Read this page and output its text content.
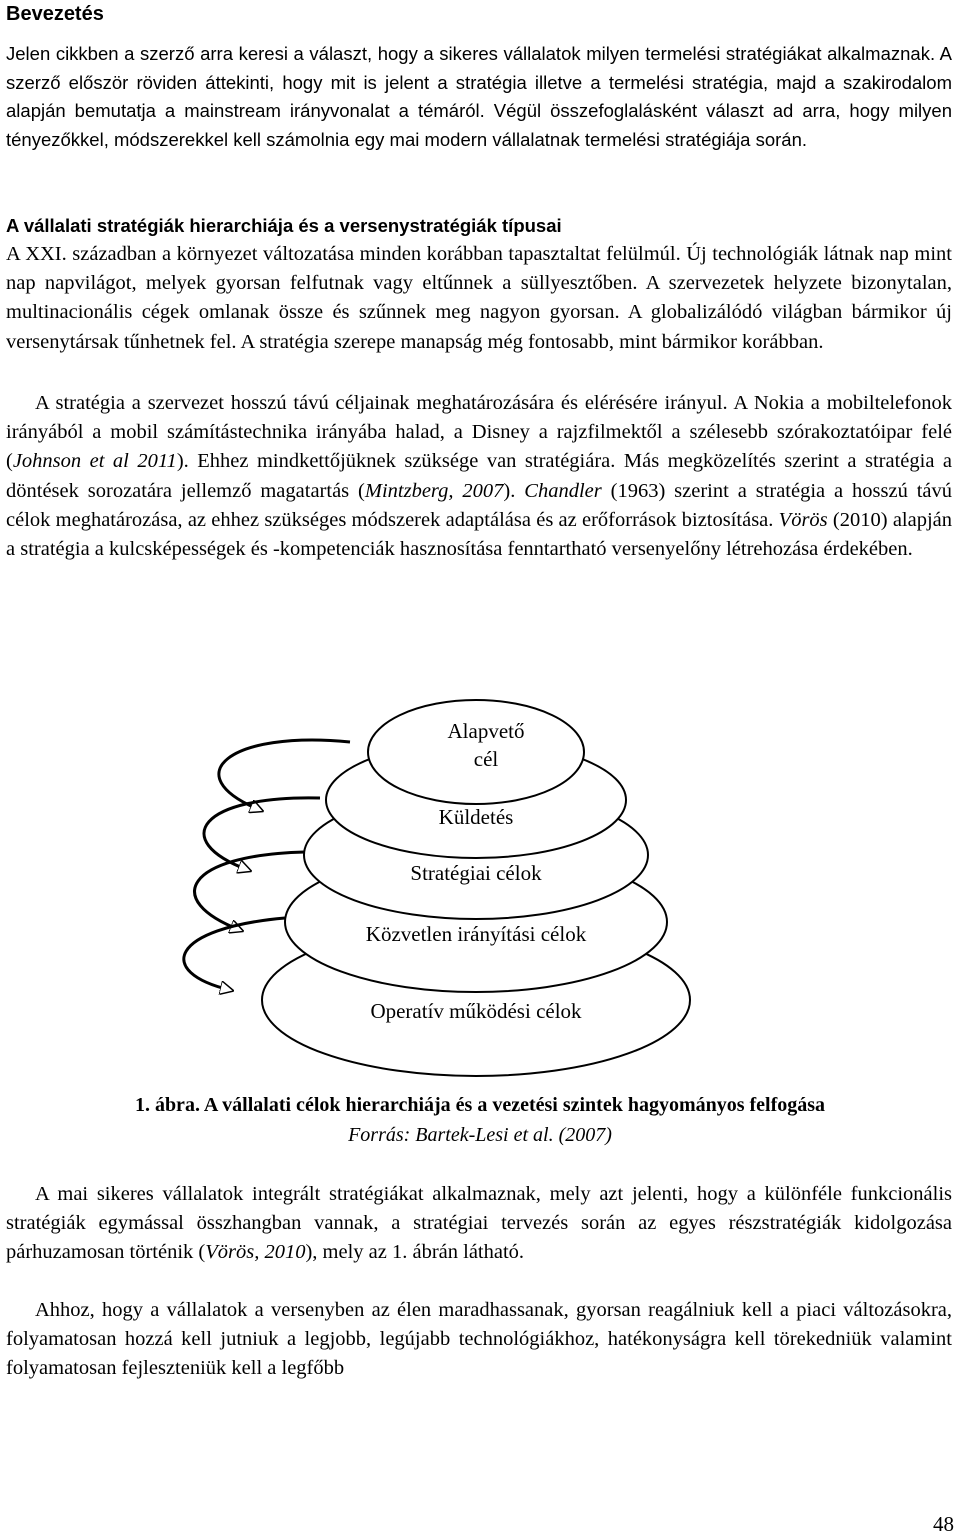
Bevezetés

Jelen cikkben a szerző arra keresi a választ, hogy a sikeres vállalatok milyen termelési stratégiákat alkalmaznak. A szerző először röviden áttekinti, hogy mit is jelent a stratégia illetve a termelési stratégia, majd a szakirodalom alapján bemutatja a mainstream irányvonalat a témáról. Végül összefoglalásként választ ad arra, hogy milyen tényezőkkel, módszerekkel kell számolnia egy mai modern vállalatnak termelési stratégiája során.

A vállalati stratégiák hierarchiája és a versenystratégiák típusai

A XXI. században a környezet változatása minden korábban tapasztaltat felülmúl. Új technológiák látnak nap mint nap napvilágot, melyek gyorsan felfutnak vagy eltűnnek a süllyesztőben. A szervezetek helyzete bizonytalan, multinacionális cégek omlanak össze és szűnnek meg nagyon gyorsan. A globalizálódó világban bármikor új versenytársak tűnhetnek fel. A stratégia szerepe manapság még fontosabb, mint bármikor korábban.

A stratégia a szervezet hosszú távú céljainak meghatározására és elérésére irányul. A Nokia a mobiltelefonok irányából a mobil számítástechnika irányába halad, a Disney a rajzfilmektől a szélesebb szórakoztatóipar felé (Johnson et al 2011). Ehhez mindkettőjüknek szüksége van stratégiára. Más megközelítés szerint a stratégia a döntések sorozatára jellemző magatartás (Mintzberg, 2007). Chandler (1963) szerint a stratégia a hosszú távú célok meghatározása, az ehhez szükséges módszerek adaptálása és az erőforrások biztosítása. Vörös (2010) alapján a stratégia a kulcsképességek és -kompetenciák hasznosítása fenntartható versenyelőny létrehozása érdekében.

Alapvető
cél
Küldetés
Stratégiai célok
Közvetlen irányítási célok
Operatív működési célok

1. ábra. A vállalati célok hierarchiája és a vezetési szintek hagyományos felfogása

Forrás: Bartek-Lesi et al. (2007)

A mai sikeres vállalatok integrált stratégiákat alkalmaznak, mely azt jelenti, hogy a különféle funkcionális stratégiák egymással összhangban vannak, a stratégiai tervezés során az egyes részstratégiák kidolgozása párhuzamosan történik (Vörös, 2010), mely az 1. ábrán látható.

Ahhoz, hogy a vállalatok a versenyben az élen maradhassanak, gyorsan reagálniuk kell a piaci változásokra, folyamatosan hozzá kell jutniuk a legjobb, legújabb technológiákhoz, hatékonyságra kell törekedniük valamint folyamatosan fejleszteniük kell a legfőbb

48
